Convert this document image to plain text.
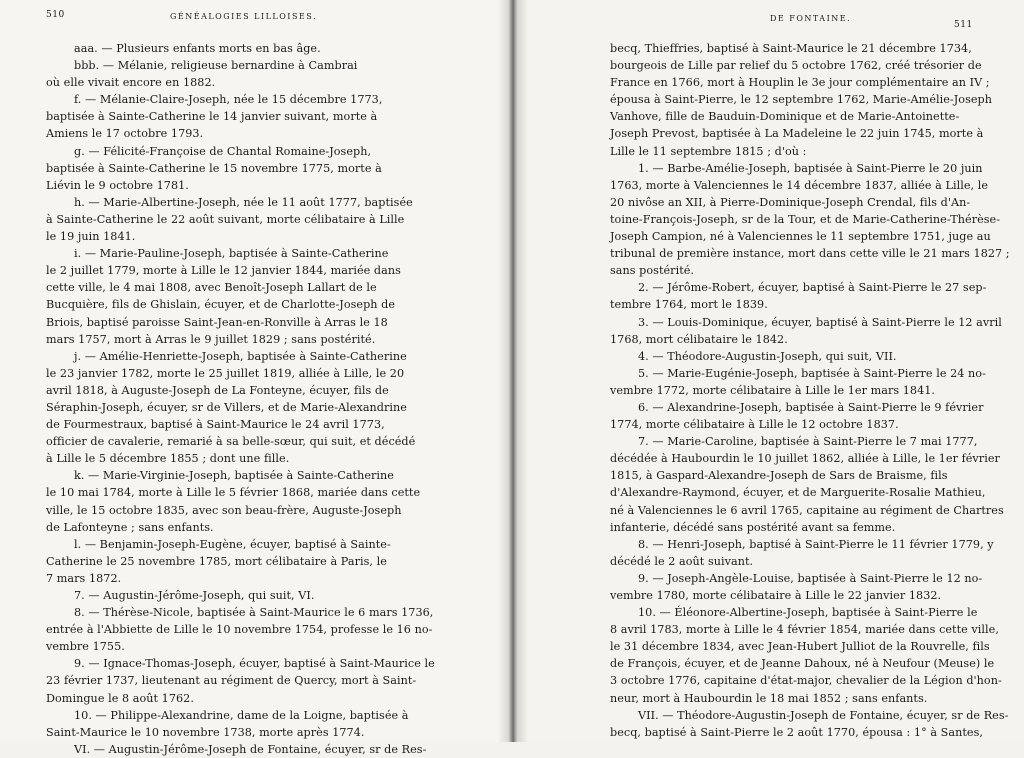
510	GÉNÉALOGIES LILLOISES.
aaa. — Plusieurs enfants morts en bas âge.
bbb. — Mélanie, religieuse bernardine à Cambrai
où elle vivait encore en 1882.
f. — Mélanie-Claire-Joseph, née le 15 décembre 1773,
baptisée à Sainte-Catherine le 14 janvier suivant, morte à
Amiens le 17 octobre 1793.
g. — Félicité-Françoise de Chantal Romaine-Joseph,
baptisée à Sainte-Catherine le 15 novembre 1775, morte à
Liévin le 9 octobre 1781.
h. — Marie-Albertine-Joseph, née le 11 août 1777, baptisée
à Sainte-Catherine le 22 août suivant, morte célibataire à Lille
le 19 juin 1841.
i. — Marie-Pauline-Joseph, baptisée à Sainte-Catherine
le 2 juillet 1779, morte à Lille le 12 janvier 1844, mariée dans
cette ville, le 4 mai 1808, avec Benoît-Joseph Lallart de le
Bucquière, fils de Ghislain, écuyer, et de Charlotte-Joseph de
Briois, baptisé paroisse Saint-Jean-en-Ronville à Arras le 18
mars 1757, mort à Arras le 9 juillet 1829 ; sans postérité.
j. — Amélie-Henriette-Joseph, baptisée à Sainte-Catherine
le 23 janvier 1782, morte le 25 juillet 1819, alliée à Lille, le 20
avril 1818, à Auguste-Joseph de La Fonteyne, écuyer, fils de
Séraphin-Joseph, écuyer, sr de Villers, et de Marie-Alexandrine
de Fourmestraux, baptisé à Saint-Maurice le 24 avril 1773,
officier de cavalerie, remarié à sa belle-sœur, qui suit, et décédé
à Lille le 5 décembre 1855 ; dont une fille.
k. — Marie-Virginie-Joseph, baptisée à Sainte-Catherine
le 10 mai 1784, morte à Lille le 5 février 1868, mariée dans cette
ville, le 15 octobre 1835, avec son beau-frère, Auguste-Joseph
de Lafonteyne ; sans enfants.
l. — Benjamin-Joseph-Eugène, écuyer, baptisé à Sainte-
Catherine le 25 novembre 1785, mort célibataire à Paris, le
7 mars 1872.
7. — Augustin-Jérôme-Joseph, qui suit, VI.
8. — Thérèse-Nicole, baptisée à Saint-Maurice le 6 mars 1736,
entrée à l'Abbiette de Lille le 10 novembre 1754, professe le 16 no-
vembre 1755.
9. — Ignace-Thomas-Joseph, écuyer, baptisé à Saint-Maurice le
23 février 1737, lieutenant au régiment de Quercy, mort à Saint-
Domingue le 8 août 1762.
10. — Philippe-Alexandrine, dame de la Loigne, baptisée à
Saint-Maurice le 10 novembre 1738, morte après 1774.
VI. — Augustin-Jérôme-Joseph de Fontaine, écuyer, sr de Res-
DE FONTAINE.
511
becq, Thieffries, baptisé à Saint-Maurice le 21 décembre 1734,
bourgeois de Lille par relief du 5 octobre 1762, créé trésorier de
France en 1766, mort à Houplin le 3e jour complémentaire an IV ;
épousa à Saint-Pierre, le 12 septembre 1762, Marie-Amélie-Joseph
Vanhove, fille de Bauduin-Dominique et de Marie-Antoinette-
Joseph Prevost, baptisée à La Madeleine le 22 juin 1745, morte à
Lille le 11 septembre 1815 ; d'où :
1. — Barbe-Amélie-Joseph, baptisée à Saint-Pierre le 20 juin
1763, morte à Valenciennes le 14 décembre 1837, alliée à Lille, le
20 nivôse an XII, à Pierre-Dominique-Joseph Crendal, fils d'An-
toine-François-Joseph, sr de la Tour, et de Marie-Catherine-Thérèse-
Joseph Campion, né à Valenciennes le 11 septembre 1751, juge au
tribunal de première instance, mort dans cette ville le 21 mars 1827 ;
sans postérité.
2. — Jérôme-Robert, écuyer, baptisé à Saint-Pierre le 27 sep-
tembre 1764, mort le 1839.
3. — Louis-Dominique, écuyer, baptisé à Saint-Pierre le 12 avril
1768, mort célibataire le 1842.
4. — Théodore-Augustin-Joseph, qui suit, VII.
5. — Marie-Eugénie-Joseph, baptisée à Saint-Pierre le 24 no-
vembre 1772, morte célibataire à Lille le 1er mars 1841.
6. — Alexandrine-Joseph, baptisée à Saint-Pierre le 9 février
1774, morte célibataire à Lille le 12 octobre 1837.
7. — Marie-Caroline, baptisée à Saint-Pierre le 7 mai 1777,
décédée à Haubourdin le 10 juillet 1862, alliée à Lille, le 1er février
1815, à Gaspard-Alexandre-Joseph de Sars de Braisme, fils
d'Alexandre-Raymond, écuyer, et de Marguerite-Rosalie Mathieu,
né à Valenciennes le 6 avril 1765, capitaine au régiment de Chartres
infanterie, décédé sans postérité avant sa femme.
8. — Henri-Joseph, baptisé à Saint-Pierre le 11 février 1779, y
décédé le 2 août suivant.
9. — Joseph-Angèle-Louise, baptisée à Saint-Pierre le 12 no-
vembre 1780, morte célibataire à Lille le 22 janvier 1832.
10. — Éléonore-Albertine-Joseph, baptisée à Saint-Pierre le
8 avril 1783, morte à Lille le 4 février 1854, mariée dans cette ville,
le 31 décembre 1834, avec Jean-Hubert Julliot de la Rouvrelle, fils
de François, écuyer, et de Jeanne Dahoux, né à Neufour (Meuse) le
3 octobre 1776, capitaine d'état-major, chevalier de la Légion d'hon-
neur, mort à Haubourdin le 18 mai 1852 ; sans enfants.
VII. — Théodore-Augustin-Joseph de Fontaine, écuyer, sr de Res-
becq, baptisé à Saint-Pierre le 2 août 1770, épousa : 1° à Santes,
